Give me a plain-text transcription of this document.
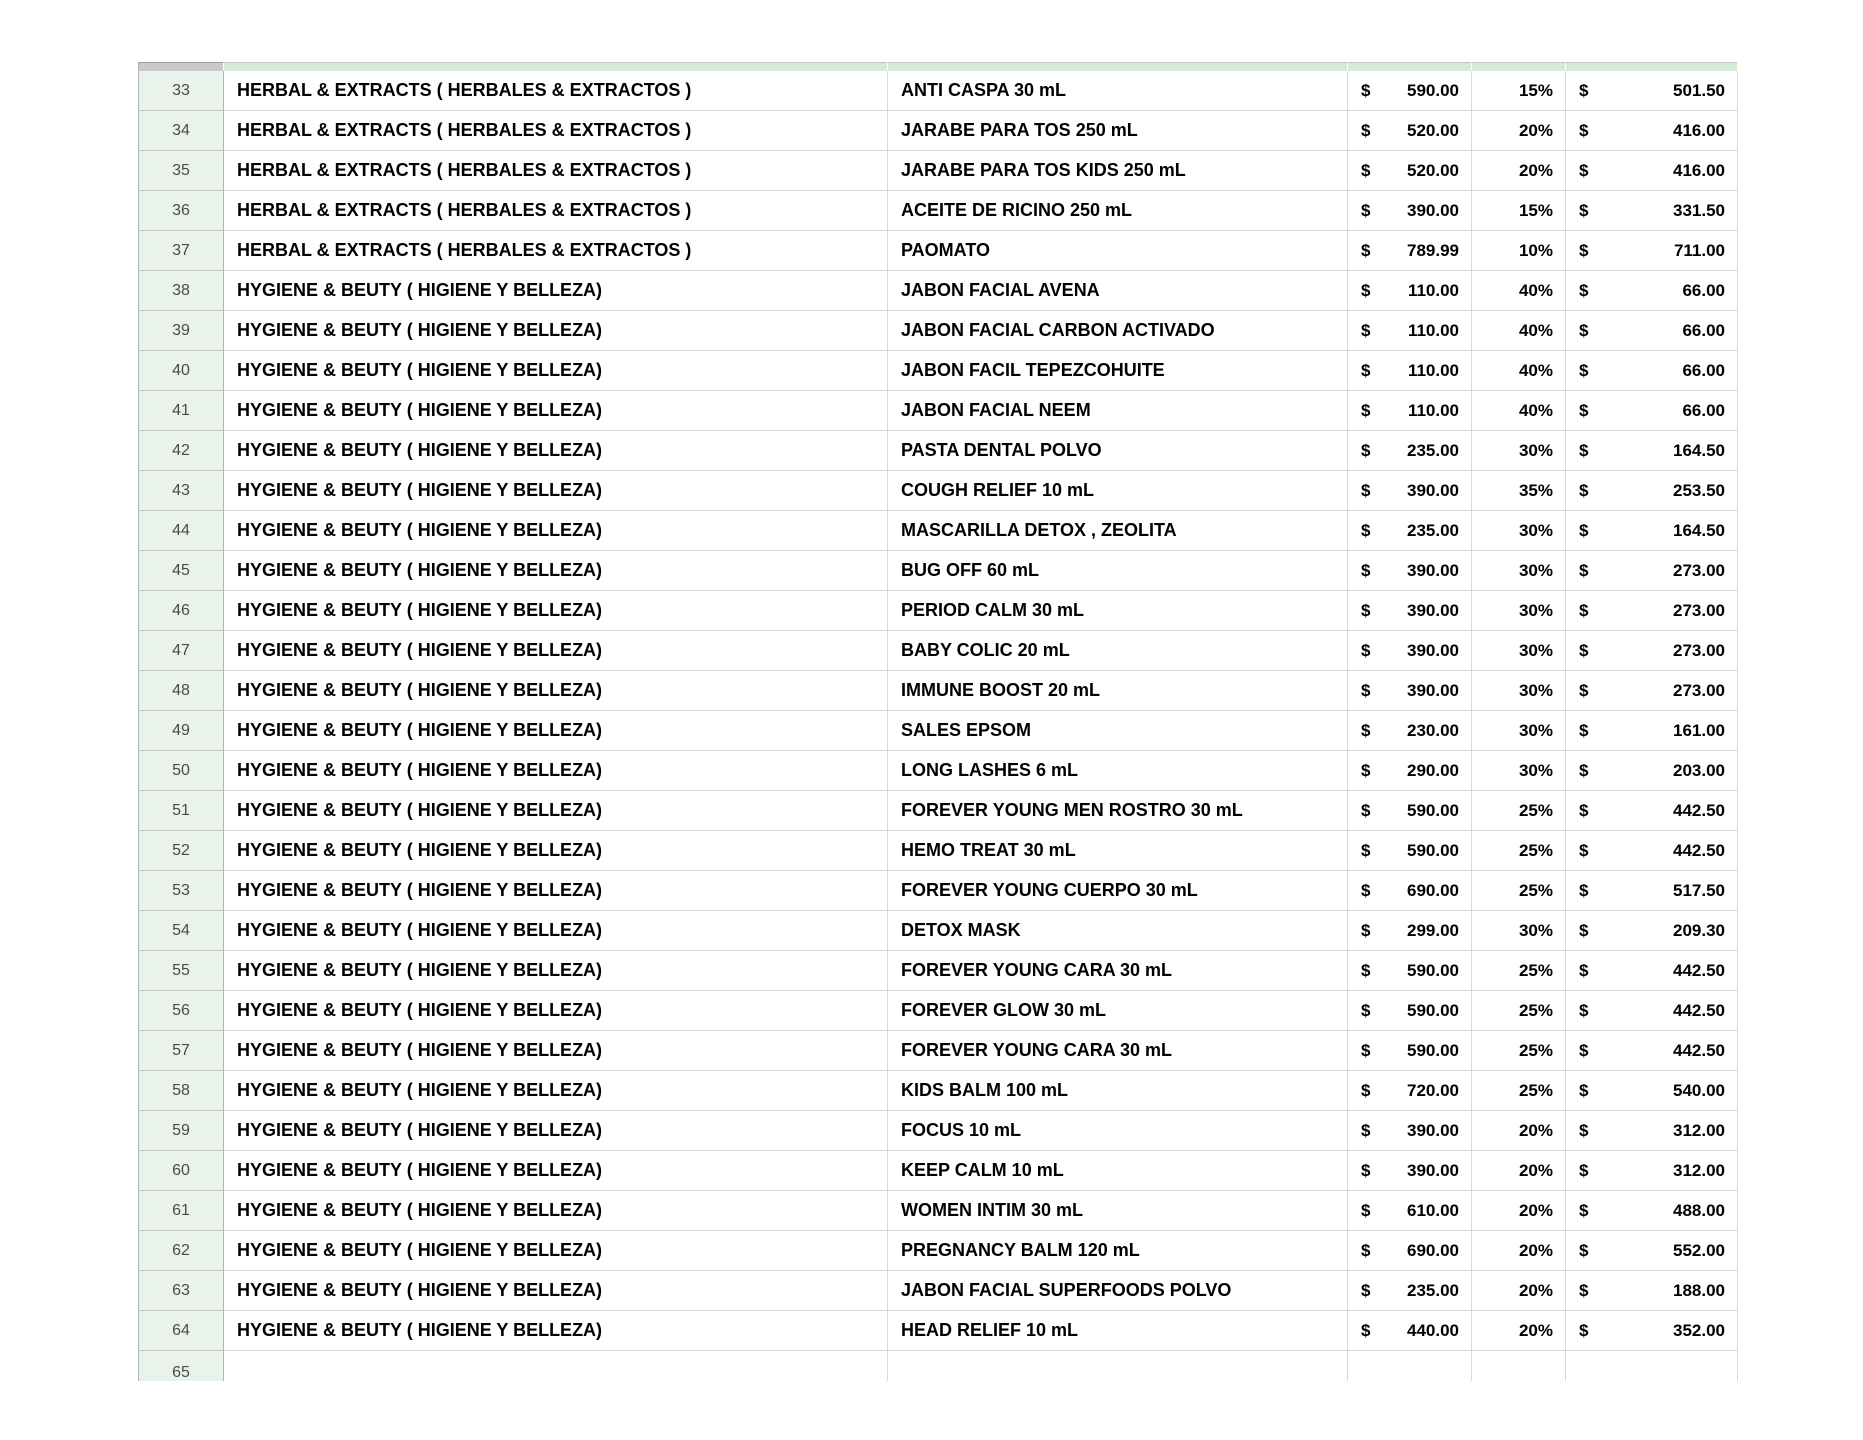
33	HERBAL & EXTRACTS ( HERBALES & EXTRACTOS )	ANTI CASPA 30 mL	$ 590.00	15% $	501.50
34	HERBAL & EXTRACTS ( HERBALES & EXTRACTOS )	JARABE PARA TOS 250 mL	$ 520.00	20% $	416.00
35	HERBAL & EXTRACTS ( HERBALES & EXTRACTOS )	JARABE PARA TOS KIDS 250 mL	$ 520.00	20% $	416.00
36	HERBAL & EXTRACTS ( HERBALES & EXTRACTOS )	ACEITE DE RICINO 250 mL	$ 390.00	15% $	331.50
37	HERBAL & EXTRACTS ( HERBALES & EXTRACTOS )	PAOMATO	$ 789.99	10% $	711.00
38	HYGIENE & BEUTY ( HIGIENE Y BELLEZA)	JABON FACIAL AVENA	$ 110.00	40% $	66.00
39	HYGIENE & BEUTY ( HIGIENE Y BELLEZA)	JABON FACIAL CARBON ACTIVADO	$ 110.00	40% $	66.00
40	HYGIENE & BEUTY ( HIGIENE Y BELLEZA)	JABON FACIL TEPEZCOHUITE	$ 110.00	40% $	66.00
41	HYGIENE & BEUTY ( HIGIENE Y BELLEZA)	JABON FACIAL NEEM	$ 110.00	40% $	66.00
42	HYGIENE & BEUTY ( HIGIENE Y BELLEZA)	PASTA DENTAL POLVO	$ 235.00	30% $	164.50
43	HYGIENE & BEUTY ( HIGIENE Y BELLEZA)	COUGH RELIEF 10 mL	$ 390.00	35% $	253.50
44	HYGIENE & BEUTY ( HIGIENE Y BELLEZA)	MASCARILLA DETOX , ZEOLITA	$ 235.00	30% $	164.50
45	HYGIENE & BEUTY ( HIGIENE Y BELLEZA)	BUG OFF 60 mL	$ 390.00	30% $	273.00
46	HYGIENE & BEUTY ( HIGIENE Y BELLEZA)	PERIOD CALM 30 mL	$ 390.00	30% $	273.00
47	HYGIENE & BEUTY ( HIGIENE Y BELLEZA)	BABY COLIC 20 mL	$ 390.00	30% $	273.00
48	HYGIENE & BEUTY ( HIGIENE Y BELLEZA)	IMMUNE BOOST 20 mL	$ 390.00	30% $	273.00
49	HYGIENE & BEUTY ( HIGIENE Y BELLEZA)	SALES EPSOM	$ 230.00	30% $	161.00
50	HYGIENE & BEUTY ( HIGIENE Y BELLEZA)	LONG LASHES 6 mL	$ 290.00	30% $	203.00
51	HYGIENE & BEUTY ( HIGIENE Y BELLEZA)	FOREVER YOUNG MEN ROSTRO 30 mL	$ 590.00	25% $	442.50
52	HYGIENE & BEUTY ( HIGIENE Y BELLEZA)	HEMO TREAT 30 mL	$ 590.00	25% $	442.50
53	HYGIENE & BEUTY ( HIGIENE Y BELLEZA)	FOREVER YOUNG CUERPO 30 mL	$ 690.00	25% $	517.50
54	HYGIENE & BEUTY ( HIGIENE Y BELLEZA)	DETOX MASK	$ 299.00	30% $	209.30
55	HYGIENE & BEUTY ( HIGIENE Y BELLEZA)	FOREVER YOUNG CARA 30 mL	$ 590.00	25% $	442.50
56	HYGIENE & BEUTY ( HIGIENE Y BELLEZA)	FOREVER GLOW 30 mL	$ 590.00	25% $	442.50
57	HYGIENE & BEUTY ( HIGIENE Y BELLEZA)	FOREVER YOUNG CARA 30 mL	$ 590.00	25% $	442.50
58	HYGIENE & BEUTY ( HIGIENE Y BELLEZA)	KIDS BALM 100 mL	$ 720.00	25% $	540.00
59	HYGIENE & BEUTY ( HIGIENE Y BELLEZA)	FOCUS 10 mL	$ 390.00	20% $	312.00
60	HYGIENE & BEUTY ( HIGIENE Y BELLEZA)	KEEP CALM 10 mL	$ 390.00	20% $	312.00
61	HYGIENE & BEUTY ( HIGIENE Y BELLEZA)	WOMEN INTIM 30 mL	$ 610.00	20% $	488.00
62	HYGIENE & BEUTY ( HIGIENE Y BELLEZA)	PREGNANCY BALM 120 mL	$ 690.00	20% $	552.00
63	HYGIENE & BEUTY ( HIGIENE Y BELLEZA)	JABON FACIAL SUPERFOODS POLVO	$ 235.00	20% $	188.00
64	HYGIENE & BEUTY ( HIGIENE Y BELLEZA)	HEAD RELIEF 10 mL	$ 440.00	20% $	352.00
65
